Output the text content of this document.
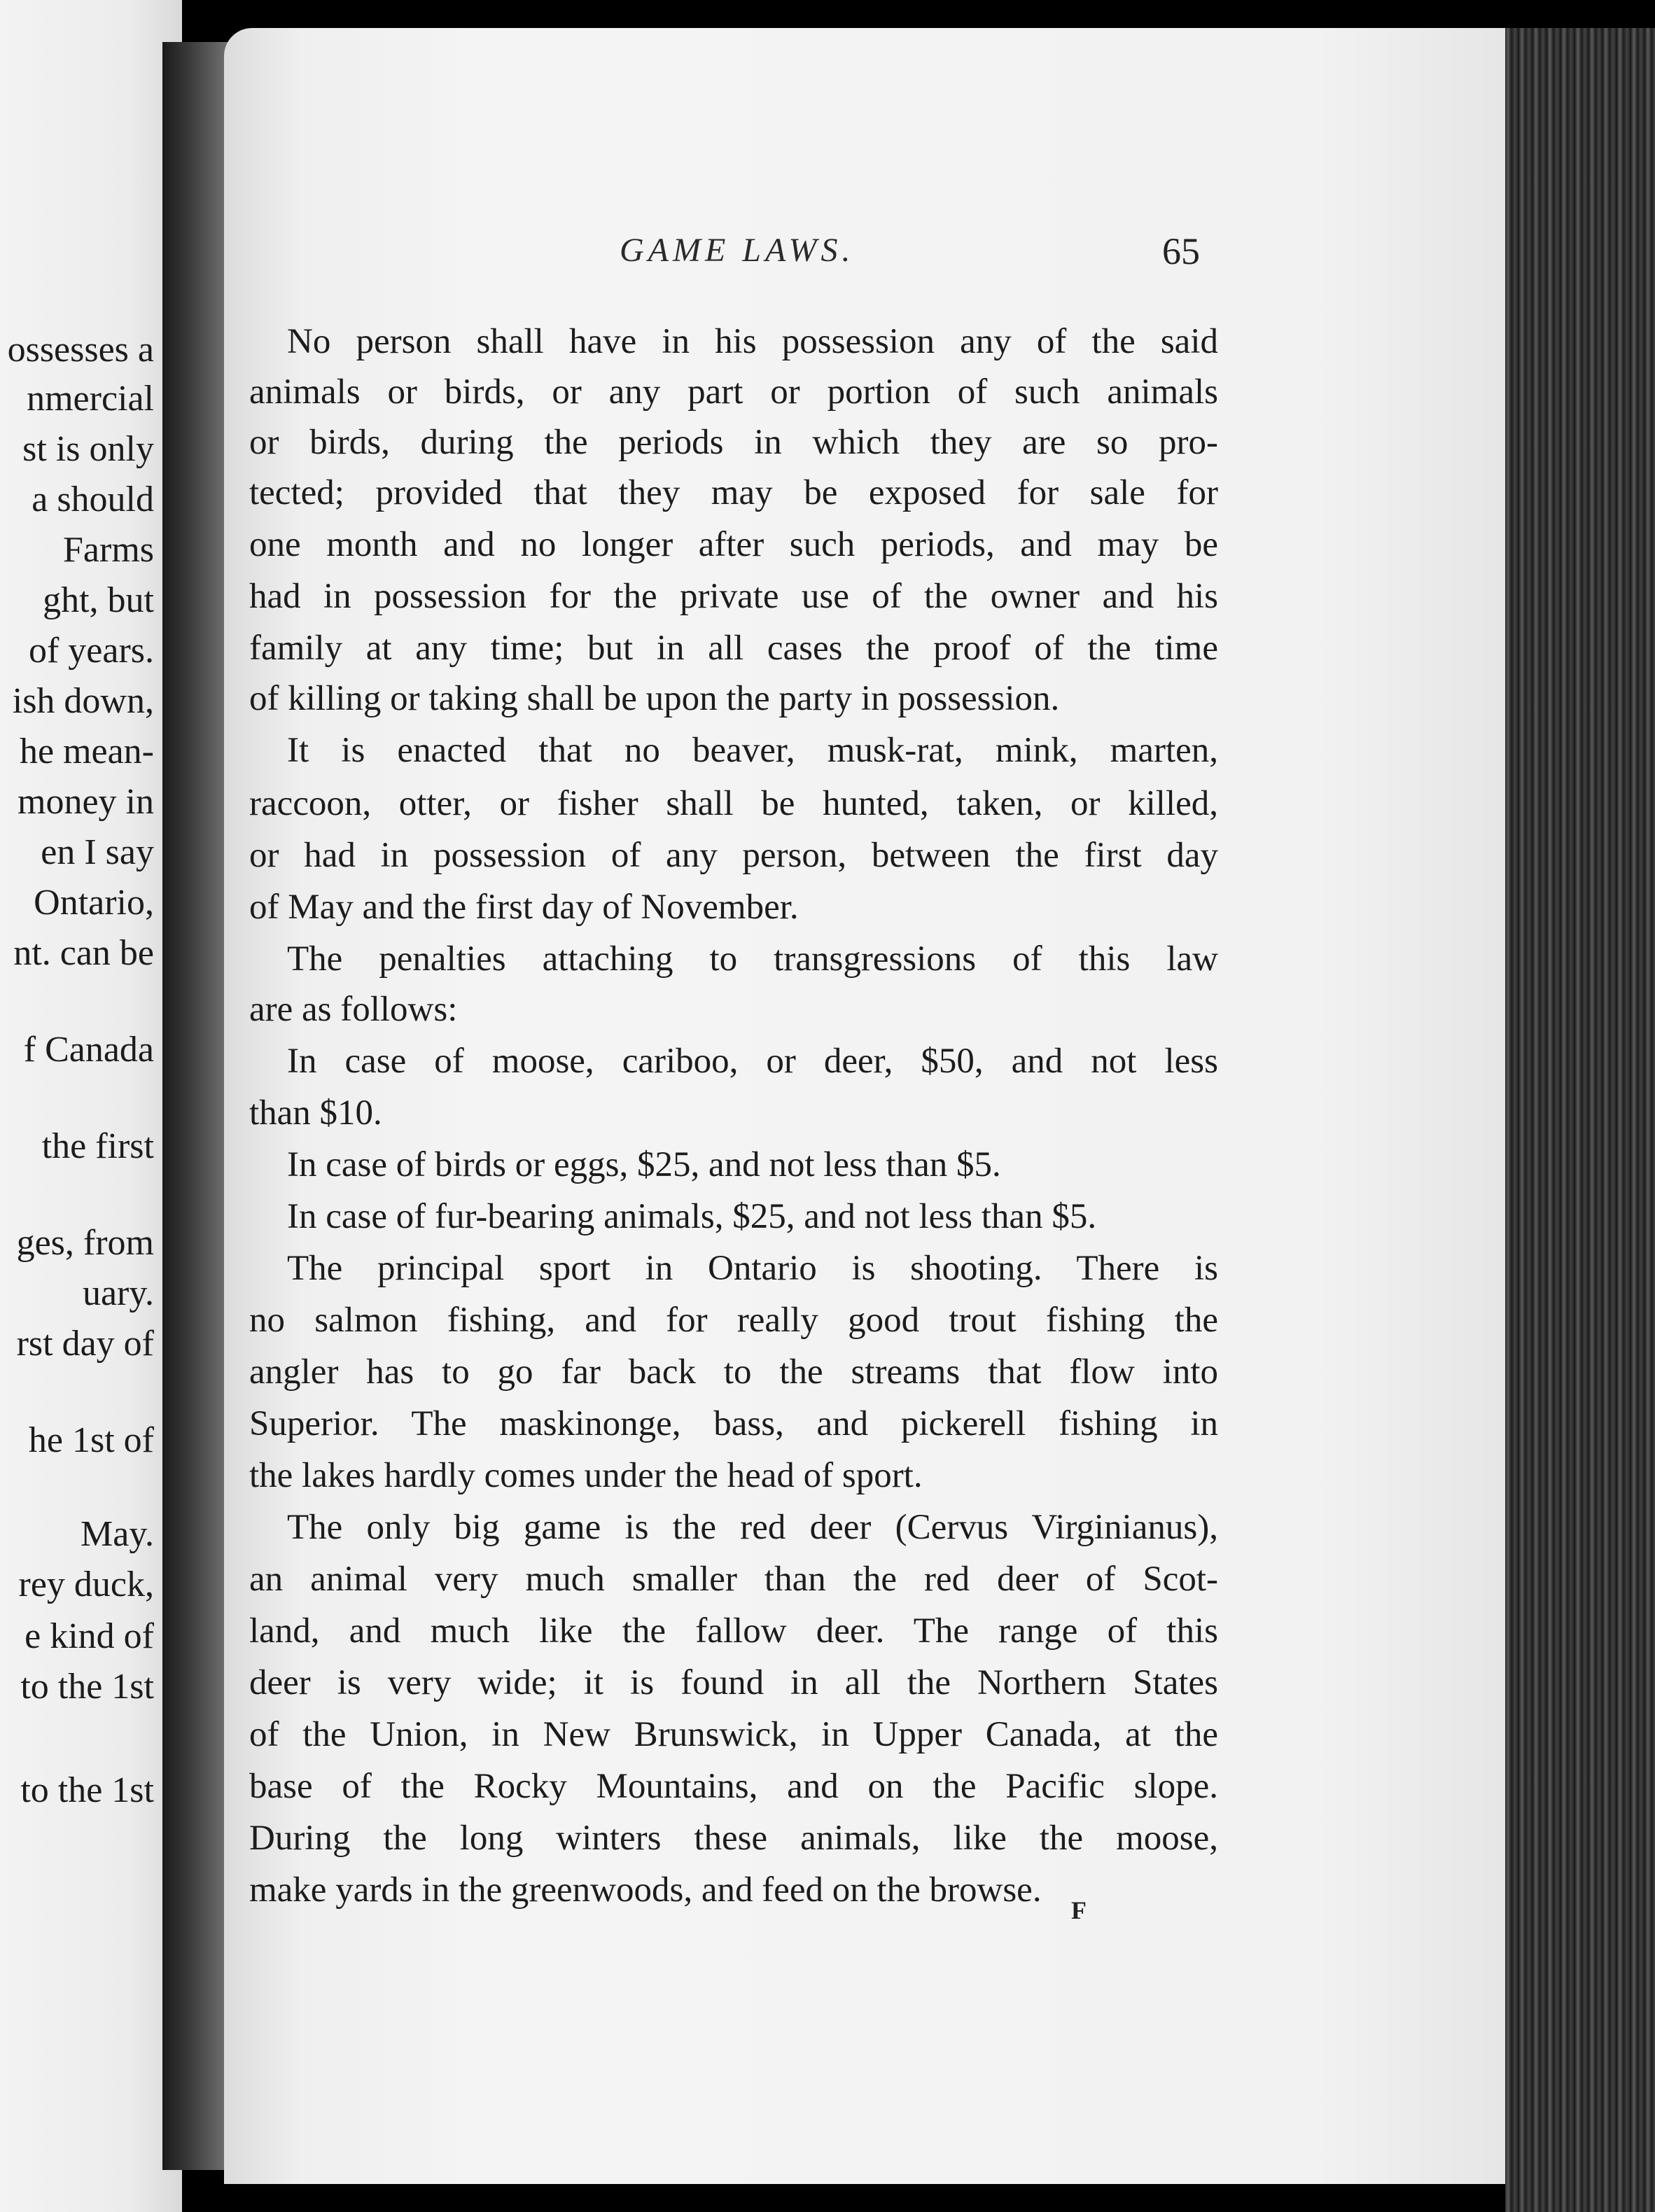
ossesses a
nmercial
st is only
a should
Farms
ght, but
of years.
ish down,
he mean-
money in
en I say
Ontario,
nt. can be
f Canada
the first
ges, from
uary.
rst day of
he 1st of
May.
rey duck,
e kind of
to the 1st
to the 1st
GAME LAWS.	65
No person shall have in his possession any of the said
animals or birds, or any part or portion of such animals
or birds, during the periods in which they are so pro-
tected; provided that they may be exposed for sale for
one month and no longer after such periods, and may be
had in possession for the private use of the owner and his
family at any time; but in all cases the proof of the time
of killing or taking shall be upon the party in possession.
It is enacted that no beaver, musk-rat, mink, marten,
raccoon, otter, or fisher shall be hunted, taken, or killed,
or had in possession of any person, between the first day
of May and the first day of November.
The penalties attaching to transgressions of this law
are as follows:
In case of moose, cariboo, or deer, $50, and not less
than $10.
In case of birds or eggs, $25, and not less than $5.
In case of fur-bearing animals, $25, and not less than $5.
The principal sport in Ontario is shooting. There is
no salmon fishing, and for really good trout fishing the
angler has to go far back to the streams that flow into
Superior. The maskinonge, bass, and pickerell fishing in
the lakes hardly comes under the head of sport.
The only big game is the red deer (Cervus Virginianus),
an animal very much smaller than the red deer of Scot-
land, and much like the fallow deer. The range of this
deer is very wide; it is found in all the Northern States
of the Union, in New Brunswick, in Upper Canada, at the
base of the Rocky Mountains, and on the Pacific slope.
During the long winters these animals, like the moose,
make yards in the greenwoods, and feed on the browse.
F
